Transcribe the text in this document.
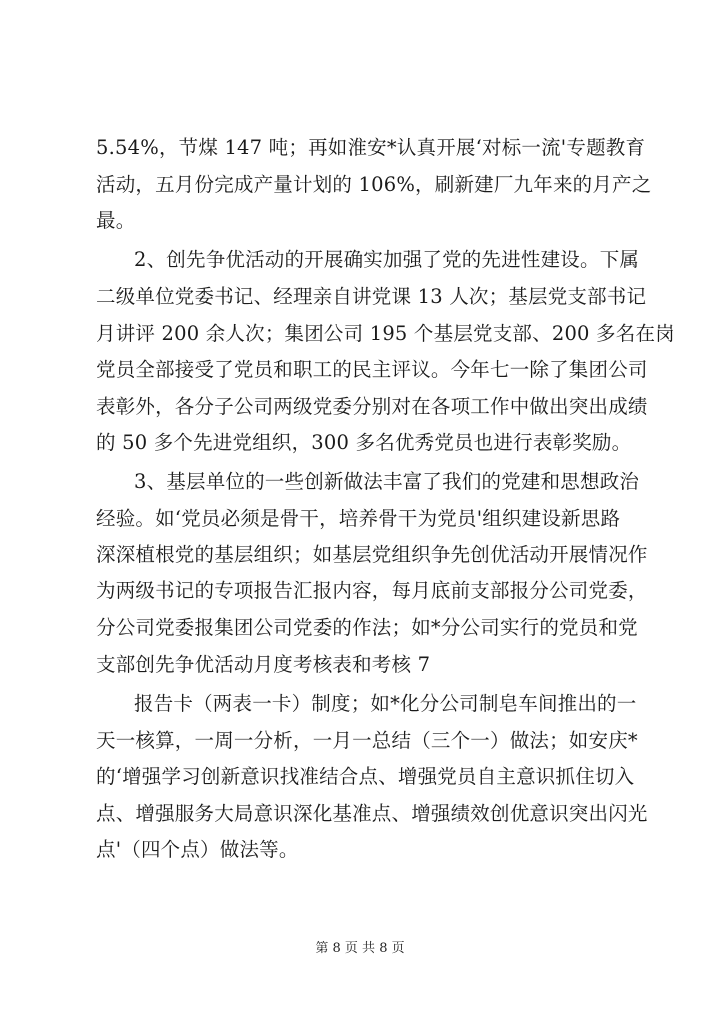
5.54%，节煤 147 吨；再如淮安*认真开展‘对标一流'专题教育
活动，五月份完成产量计划的 106%，刷新建厂九年来的月产之
最。
2、创先争优活动的开展确实加强了党的先进性建设。下属
二级单位党委书记、经理亲自讲党课 13 人次；基层党支部书记
月讲评 200 余人次；集团公司 195 个基层党支部、200 多名在岗
党员全部接受了党员和职工的民主评议。今年七一除了集团公司
表彰外，各分子公司两级党委分别对在各项工作中做出突出成绩
的 50 多个先进党组织，300 多名优秀党员也进行表彰奖励。
3、基层单位的一些创新做法丰富了我们的党建和思想政治
经验。如‘党员必须是骨干，培养骨干为党员'组织建设新思路
深深植根党的基层组织；如基层党组织争先创优活动开展情况作
为两级书记的专项报告汇报内容，每月底前支部报分公司党委，
分公司党委报集团公司党委的作法；如*分公司实行的党员和党
支部创先争优活动月度考核表和考核 7
报告卡（两表一卡）制度；如*化分公司制皂车间推出的一
天一核算，一周一分析，一月一总结（三个一）做法；如安庆*
的‘增强学习创新意识找准结合点、增强党员自主意识抓住切入
点、增强服务大局意识深化基准点、增强绩效创优意识突出闪光
点'（四个点）做法等。
第 8 页 共 8 页
